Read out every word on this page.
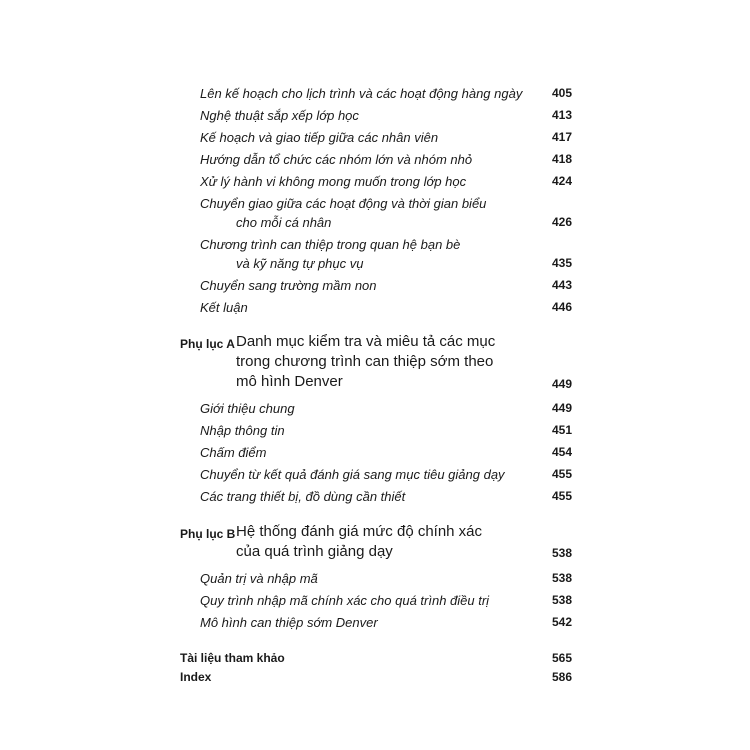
Lên kế hoạch cho lịch trình và các hoạt động hàng ngày 405
Nghệ thuật sắp xếp lớp học	413
Kế hoạch và giao tiếp giữa các nhân viên	417
Hướng dẫn tổ chức các nhóm lớn và nhóm nhỏ	418
Xử lý hành vi không mong muốn trong lớp học	424
Chuyển giao giữa các hoạt động và thời gian biểu
cho mỗi cá nhân	426
Chương trình can thiệp trong quan hệ bạn bè
và kỹ năng tự phục vụ	435
Chuyển sang trường mầm non	443
Kết luận	446
Phụ lục A Danh mục kiểm tra và miêu tả các mục
trong chương trình can thiệp sớm theo
mô hình Denver	449
Giới thiệu chung	449
Nhập thông tin	451
Chấm điểm	454
Chuyển từ kết quả đánh giá sang mục tiêu giảng dạy	455
Các trang thiết bị, đồ dùng cần thiết	455
Phụ lục B Hệ thống đánh giá mức độ chính xác
của quá trình giảng dạy	538
Quản trị và nhập mã	538
Quy trình nhập mã chính xác cho quá trình điều trị	538
Mô hình can thiệp sớm Denver	542
Tài liệu tham khảo	565
Index	586
